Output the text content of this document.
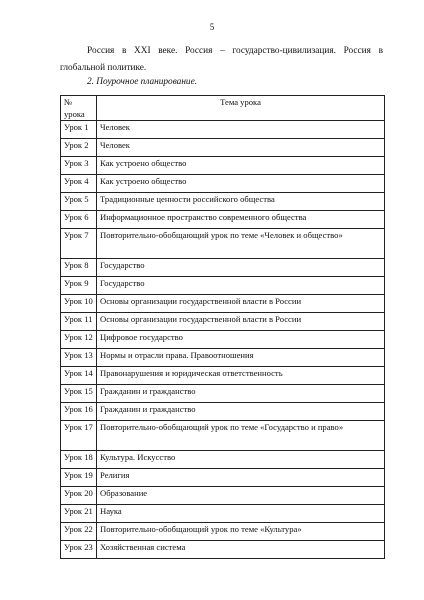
5

Россия в XXI веке. Россия – государство-цивилизация. Россия в глобальной политике.

2. Поурочное планирование.

№ урока	Тема урока
Урок 1	Человек
Урок 2	Человек
Урок 3	Как устроено общество
Урок 4	Как устроено общество
Урок 5	Традиционные ценности российского общества
Урок 6	Информационное пространство современного общества
Урок 7	Повторительно-обобщающий урок по теме «Человек и общество»
Урок 8	Государство
Урок 9	Государство
Урок 10	Основы организации государственной власти в России
Урок 11	Основы организации государственной власти в России
Урок 12	Цифровое государство
Урок 13	Нормы и отрасли права. Правоотношения
Урок 14	Правонарушения и юридическая ответственность
Урок 15	Гражданин и гражданство
Урок 16	Гражданин и гражданство
Урок 17	Повторительно-обобщающий урок по теме «Государство и право»
Урок 18	Культура. Искусство
Урок 19	Религия
Урок 20	Образование
Урок 21	Наука
Урок 22	Повторительно-обобщающий урок по теме «Культура»
Урок 23	Хозяйственная система
